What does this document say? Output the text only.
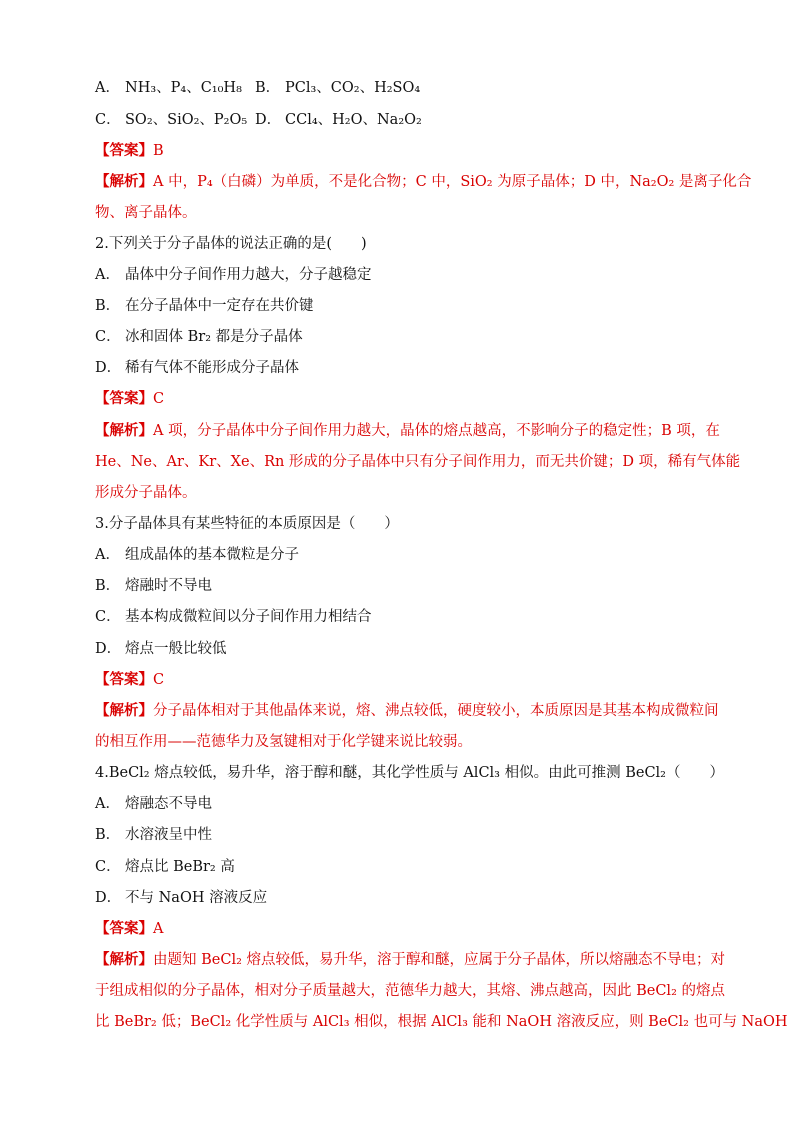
A． NH₃、P₄、C₁₀H₈ B． PCl₃、CO₂、H₂SO₄
C． SO₂、SiO₂、P₂O₅ D． CCl₄、H₂O、Na₂O₂
【答案】B
【解析】A 中，P₄（白磷）为单质，不是化合物；C 中，SiO₂ 为原子晶体；D 中，Na₂O₂ 是离子化合
物、离子晶体。
2.下列关于分子晶体的说法正确的是(　　)
A． 晶体中分子间作用力越大，分子越稳定
B． 在分子晶体中一定存在共价键
C． 冰和固体 Br₂ 都是分子晶体
D． 稀有气体不能形成分子晶体
【答案】C
【解析】A 项，分子晶体中分子间作用力越大，晶体的熔点越高，不影响分子的稳定性；B 项，在
He、Ne、Ar、Kr、Xe、Rn 形成的分子晶体中只有分子间作用力，而无共价键；D 项，稀有气体能
形成分子晶体。
3.分子晶体具有某些特征的本质原因是（　　）
A． 组成晶体的基本微粒是分子
B． 熔融时不导电
C． 基本构成微粒间以分子间作用力相结合
D． 熔点一般比较低
【答案】C
【解析】分子晶体相对于其他晶体来说，熔、沸点较低，硬度较小，本质原因是其基本构成微粒间
的相互作用——范德华力及氢键相对于化学键来说比较弱。
4.BeCl₂ 熔点较低，易升华，溶于醇和醚，其化学性质与 AlCl₃ 相似。由此可推测 BeCl₂（　　）
A． 熔融态不导电
B． 水溶液呈中性
C． 熔点比 BeBr₂ 高
D． 不与 NaOH 溶液反应
【答案】A
【解析】由题知 BeCl₂ 熔点较低，易升华，溶于醇和醚，应属于分子晶体，所以熔融态不导电；对
于组成相似的分子晶体，相对分子质量越大，范德华力越大，其熔、沸点越高，因此 BeCl₂ 的熔点
比 BeBr₂ 低；BeCl₂ 化学性质与 AlCl₃ 相似，根据 AlCl₃ 能和 NaOH 溶液反应，则 BeCl₂ 也可与 NaOH
